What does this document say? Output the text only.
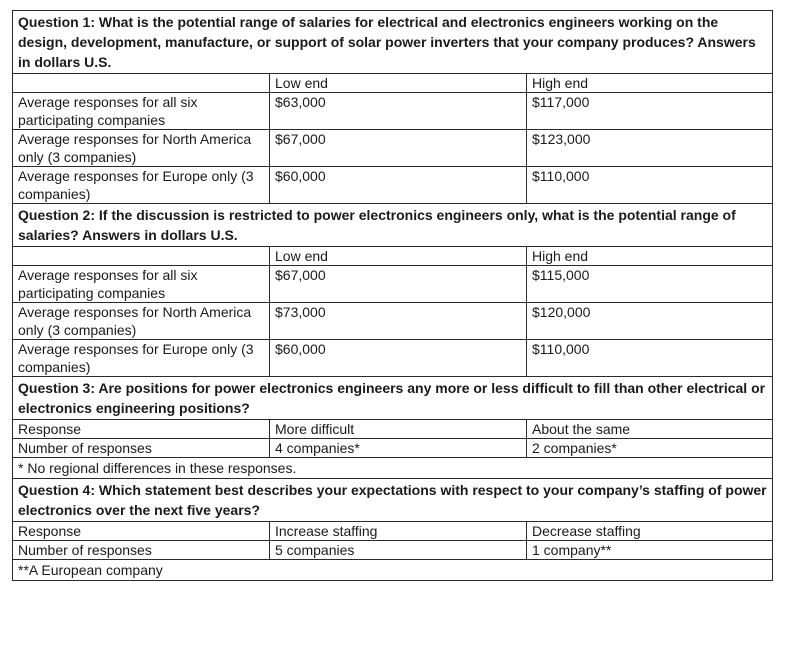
Question 1: What is the potential range of salaries for electrical and electronics engineers working on the design, development, manufacture, or support of solar power inverters that your company produces? Answers in dollars U.S.		
	Low end	High end
Average responses for all six participating companies	$63,000	$117,000
Average responses for North America only (3 companies)	$67,000	$123,000
Average responses for Europe only (3 companies)	$60,000	$110,000
Question 2: If the discussion is restricted to power electronics engineers only, what is the potential range of salaries? Answers in dollars U.S.		
	Low end	High end
Average responses for all six participating companies	$67,000	$115,000
Average responses for North America only (3 companies)	$73,000	$120,000
Average responses for Europe only (3 companies)	$60,000	$110,000
Question 3: Are positions for power electronics engineers any more or less difficult to fill than other electrical or electronics engineering positions?		
Response	More difficult	About the same
Number of responses	4 companies*	2 companies*
* No regional differences in these responses.		
Question 4: Which statement best describes your expectations with respect to your company’s staffing of power electronics over the next five years?		
Response	Increase staffing	Decrease staffing
Number of responses	5 companies	1 company**
**A European company		
